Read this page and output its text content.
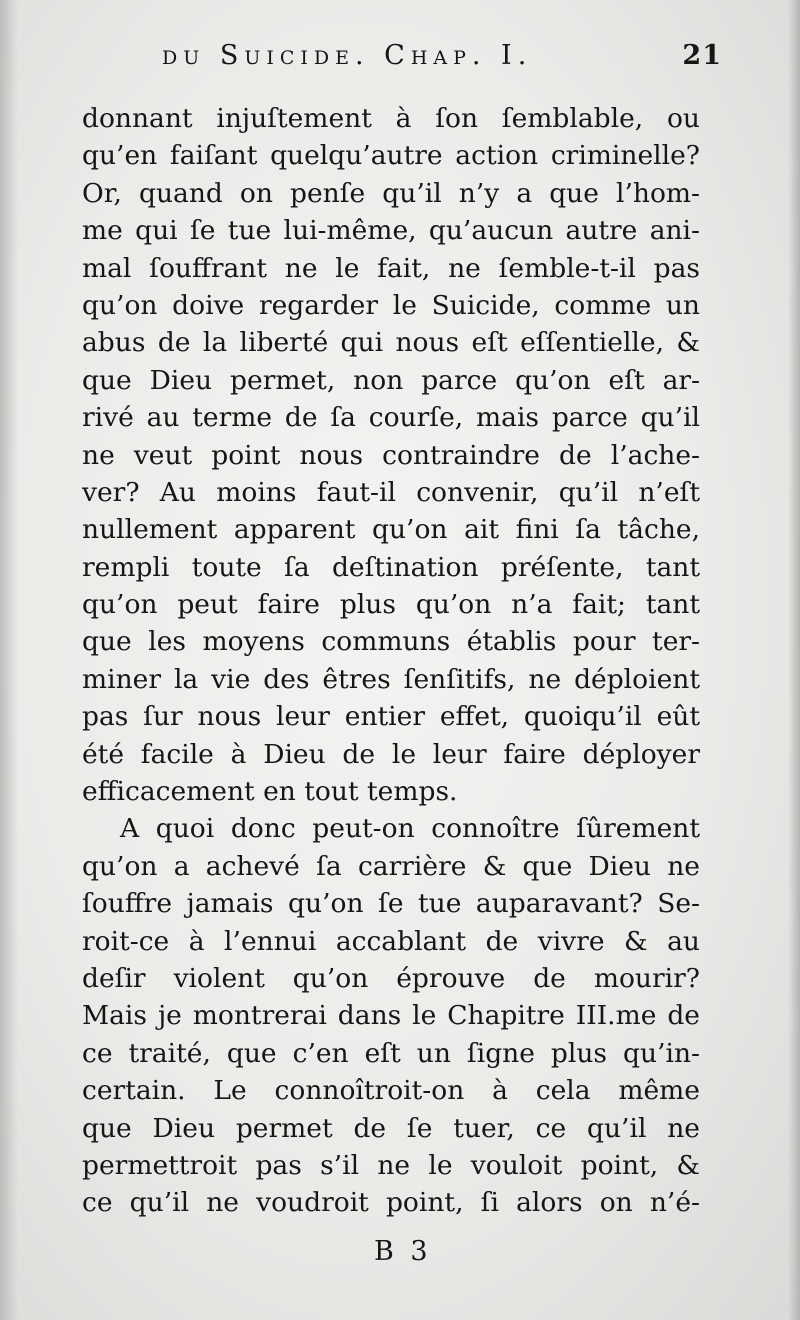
du Suicide. Chap. I.	21
donnant injuſtement à ſon ſemblable, ou
qu’en faiſant quelqu’autre action criminelle?
Or, quand on penſe qu’il n’y a que l’hom-
me qui ſe tue lui-même, qu’aucun autre ani-
mal ſouffrant ne le fait, ne ſemble-t-il pas
qu’on doive regarder le Suicide, comme un
abus de la liberté qui nous eſt eſſentielle, &
que Dieu permet, non parce qu’on eſt ar-
rivé au terme de ſa courſe, mais parce qu’il
ne veut point nous contraindre de l’ache-
ver? Au moins faut-il convenir, qu’il n’eſt
nullement apparent qu’on ait fini ſa tâche,
rempli toute ſa deſtination préſente, tant
qu’on peut faire plus qu’on n’a fait; tant
que les moyens communs établis pour ter-
miner la vie des êtres ſenſitifs, ne déploient
pas ſur nous leur entier effet, quoiqu’il eût
été facile à Dieu de le leur faire déployer
efficacement en tout temps.
A quoi donc peut-on connoître ſûrement
qu’on a achevé ſa carrière & que Dieu ne
ſouffre jamais qu’on ſe tue auparavant? Se-
roit-ce à l’ennui accablant de vivre & au
deſir violent qu’on éprouve de mourir?
Mais je montrerai dans le Chapitre III.me de
ce traité, que c’en eſt un ſigne plus qu’in-
certain. Le connoîtroit-on à cela même
que Dieu permet de ſe tuer, ce qu’il ne
permettroit pas s’il ne le vouloit point, &
ce qu’il ne voudroit point, ſi alors on n’é-
B 3
